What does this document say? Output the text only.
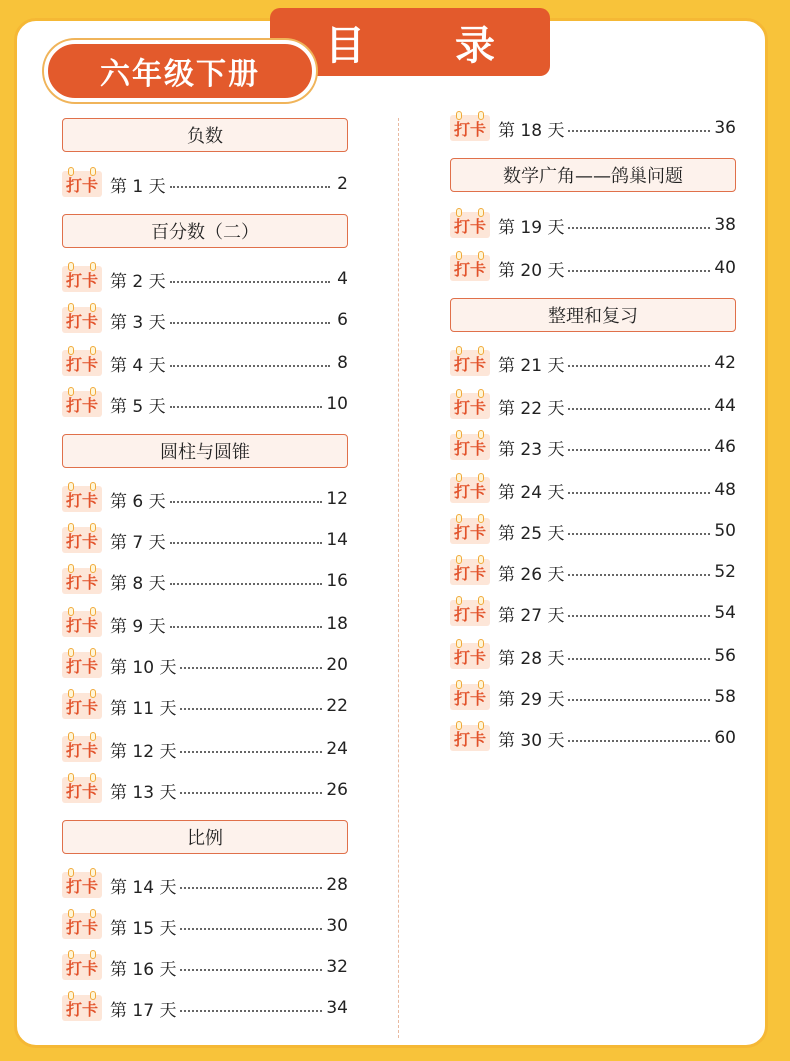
目 录
六年级下册
负数
打卡 第 1 天	2
百分数（二）
打卡 第 2 天	4
打卡 第 3 天	6
打卡 第 4 天	8
打卡 第 5 天	10
圆柱与圆锥
打卡 第 6 天	12
打卡 第 7 天	14
打卡 第 8 天	16
打卡 第 9 天	18
打卡 第 10 天	20
打卡 第 11 天	22
打卡 第 12 天	24
打卡 第 13 天	26
比例
打卡 第 14 天	28
打卡 第 15 天	30
打卡 第 16 天	32
打卡 第 17 天	34
打卡 第 18 天	36
数学广角——鸽巢问题
打卡 第 19 天	38
打卡 第 20 天	40
整理和复习
打卡 第 21 天	42
打卡 第 22 天	44
打卡 第 23 天	46
打卡 第 24 天	48
打卡 第 25 天	50
打卡 第 26 天	52
打卡 第 27 天	54
打卡 第 28 天	56
打卡 第 29 天	58
打卡 第 30 天	60
